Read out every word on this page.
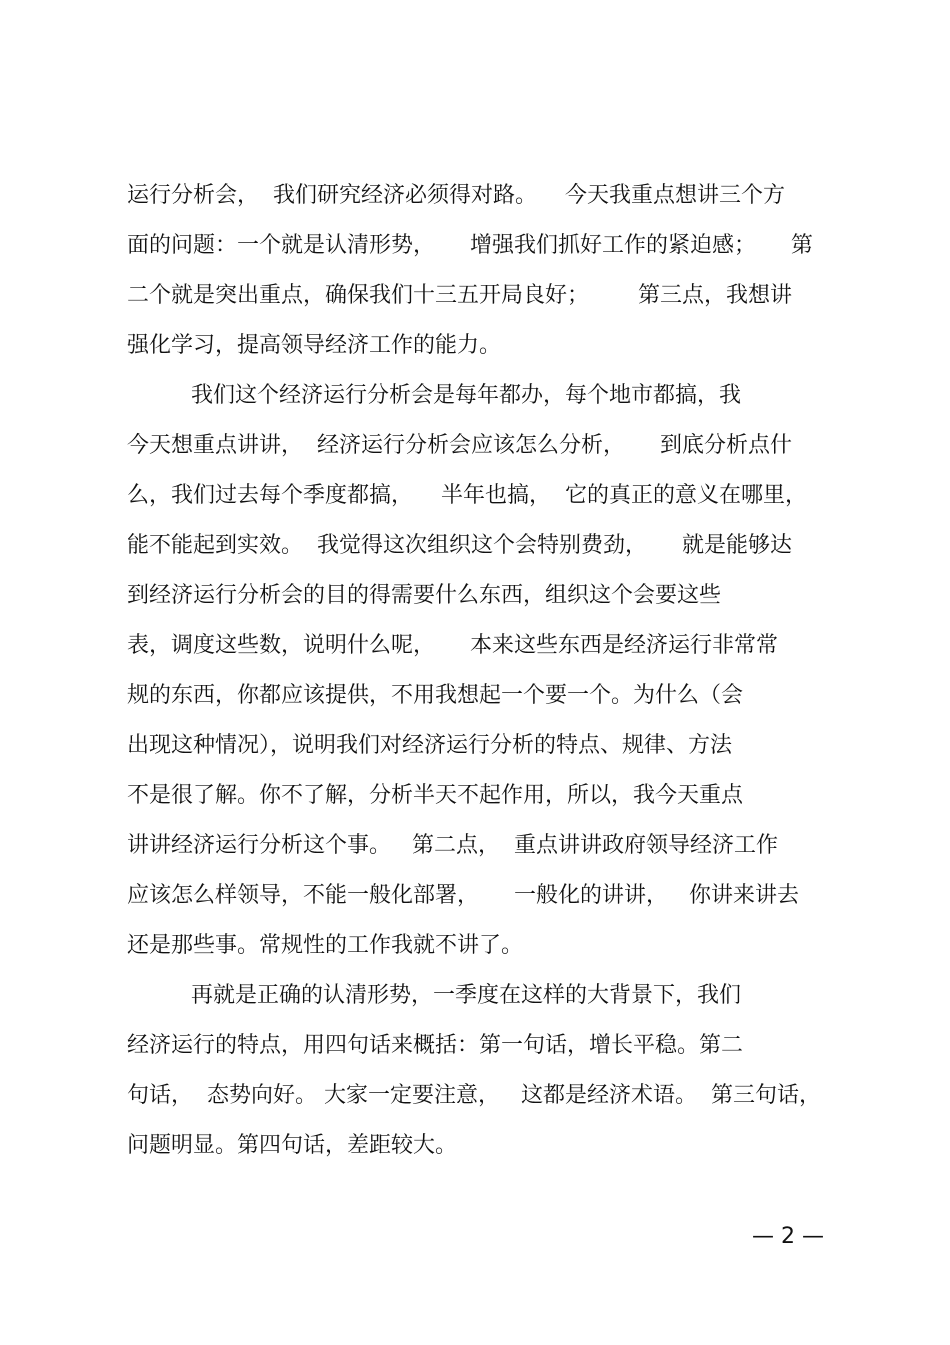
运行分析会，  我们研究经济必须得对路。    今天我重点想讲三个方
面的问题：一个就是认清形势，     增强我们抓好工作的紧迫感；     第
二个就是突出重点，确保我们十三五开局良好；       第三点，我想讲
强化学习，提高领导经济工作的能力。
我们这个经济运行分析会是每年都办，每个地市都搞，我
今天想重点讲讲，  经济运行分析会应该怎么分析，     到底分析点什
么，我们过去每个季度都搞，    半年也搞，  它的真正的意义在哪里，
能不能起到实效。  我觉得这次组织这个会特别费劲，     就是能够达
到经济运行分析会的目的得需要什么东西，组织这个会要这些
表，调度这些数，说明什么呢，     本来这些东西是经济运行非常常
规的东西，你都应该提供，不用我想起一个要一个。为什么（会
出现这种情况），说明我们对经济运行分析的特点、规律、方法
不是很了解。你不了解，分析半天不起作用，所以，我今天重点
讲讲经济运行分析这个事。   第二点，  重点讲讲政府领导经济工作
应该怎么样领导，不能一般化部署，     一般化的讲讲，   你讲来讲去
还是那些事。常规性的工作我就不讲了。
再就是正确的认清形势，一季度在这样的大背景下，我们
经济运行的特点，用四句话来概括：第一句话，增长平稳。第二
句话，  态势向好。 大家一定要注意，   这都是经济术语。  第三句话，
问题明显。第四句话，差距较大。
— 2 —
